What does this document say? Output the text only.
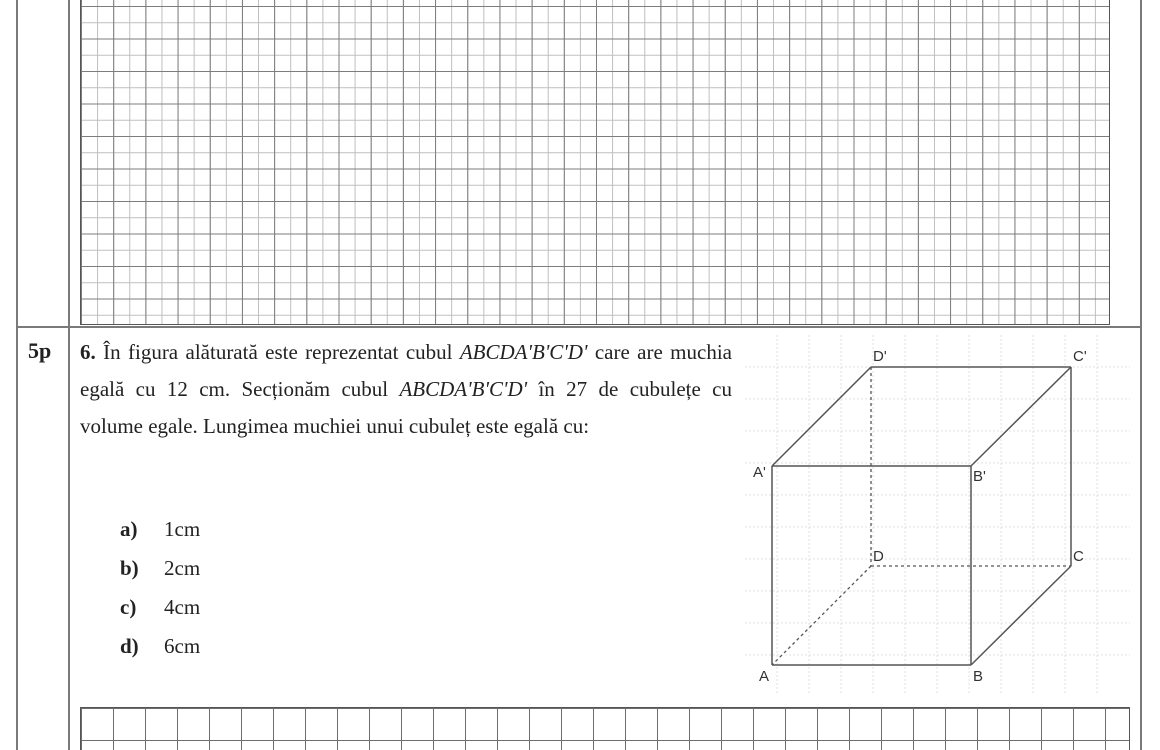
5p 6. În figura alăturată este reprezentat cubul ABCDA'B'C'D' care are muchia egală cu 12 cm. Secționăm cubul ABCDA'B'C'D' în 27 de cubulețe cu volume egale. Lungimea muchiei unui cubuleț este egală cu:
a)	1cm
b)	2cm
c)	4cm
d)	6cm
D'	C'
A'	B'
D	C
A	B
